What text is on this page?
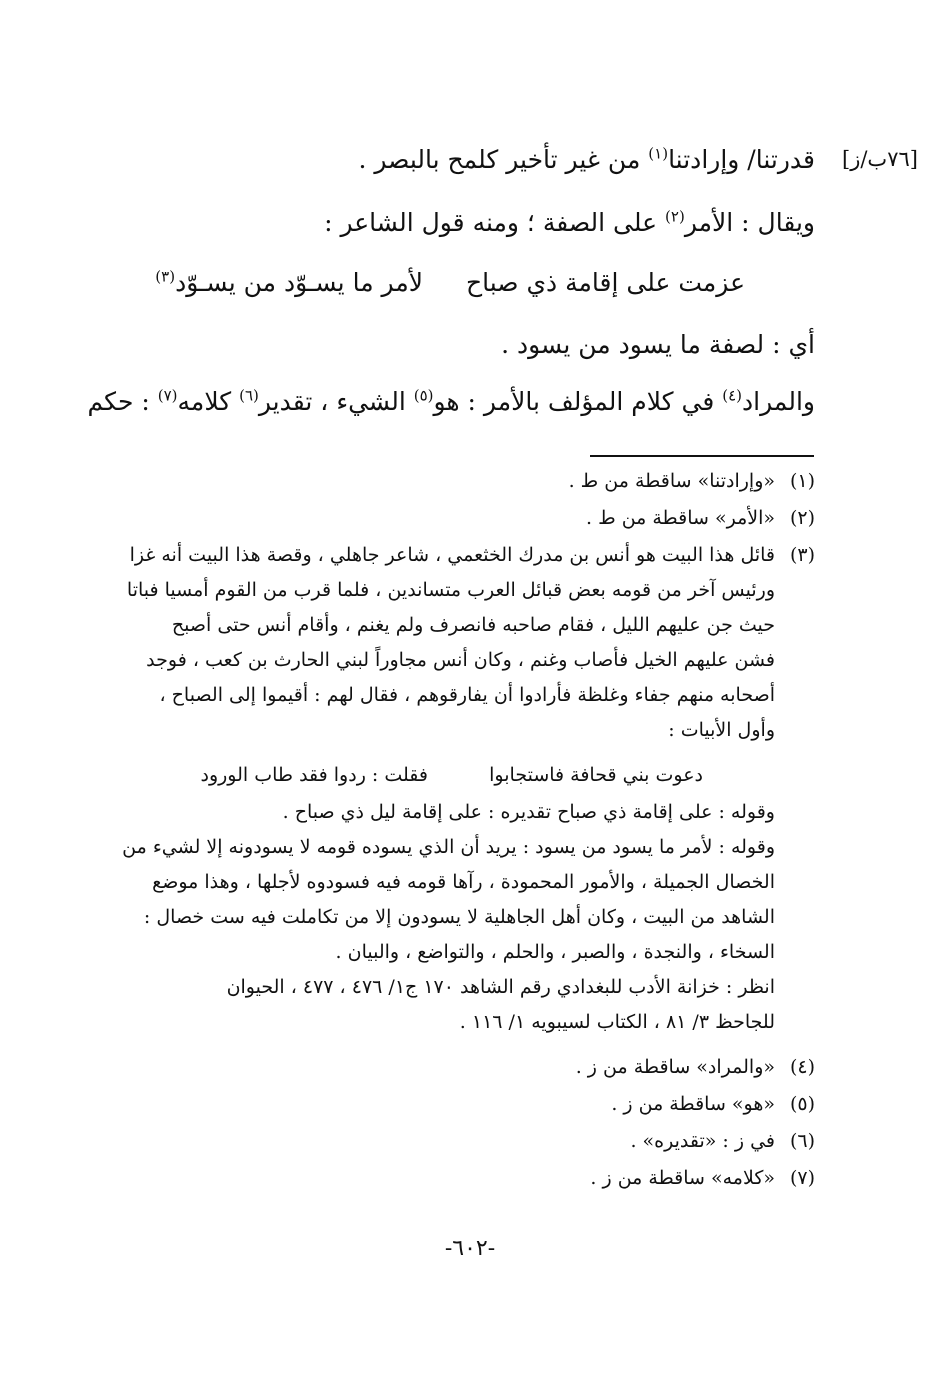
[٧٦ب/ز]
قدرتنا/ وإرادتنا$^{(١)}$ من غير تأخير كلمح بالبصر .
ويقال : الأمر$^{(٢)}$ على الصفة ؛ ومنه قول الشاعر :
عزمت على إقامة ذي صباح
لأمر ما يسـوّد من يسـوّد$^{(٣)}$
أي : لصفة ما يسود من يسود .
والمراد$^{(٤)}$ في كلام المؤلف بالأمر : هو$^{(٥)}$ الشيء ، تقدير$^{(٦)}$ كلامه$^{(٧)}$ : حكم
(١)
«وإرادتنا» ساقطة من ط .
(٢)
«الأمر» ساقطة من ط .
(٣)
قائل هذا البيت هو أنس بن مدرك الخثعمي ، شاعر جاهلي ، وقصة هذا البيت أنه غزا
ورئيس آخر من قومه بعض قبائل العرب متساندين ، فلما قرب من القوم أمسيا فباتا
حيث جن عليهم الليل ، فقام صاحبه فانصرف ولم يغنم ، وأقام أنس حتى أصبح
فشن عليهم الخيل فأصاب وغنم ، وكان أنس مجاوراً لبني الحارث بن كعب ، فوجد
أصحابه منهم جفاء وغلظة فأرادوا أن يفارقوهم ، فقال لهم : أقيموا إلى الصباح ،
وأول الأبيات :
دعوت بني قحافة فاستجابوا
فقلت : ردوا فقد طاب الورود
وقوله : على إقامة ذي صباح تقديره : على إقامة ليل ذي صباح .
وقوله : لأمر ما يسود من يسود : يريد أن الذي يسوده قومه لا يسودونه إلا لشيء من
الخصال الجميلة ، والأمور المحمودة ، رآها قومه فيه فسودوه لأجلها ، وهذا موضع
الشاهد من البيت ، وكان أهل الجاهلية لا يسودون إلا من تكاملت فيه ست خصال :
السخاء ، والنجدة ، والصبر ، والحلم ، والتواضع ، والبيان .
انظر : خزانة الأدب للبغدادي رقم الشاهد ١٧٠ ج١/ ٤٧٦ ، ٤٧٧ ، الحيوان
للجاحظ ٣/ ٨١ ، الكتاب لسيبويه ١/ ١١٦ .
(٤)
«والمراد» ساقطة من ز .
(٥)
«هو» ساقطة من ز .
(٦)
في ز : «تقديره» .
(٧)
«كلامه» ساقطة من ز .
-٦٠٢-
